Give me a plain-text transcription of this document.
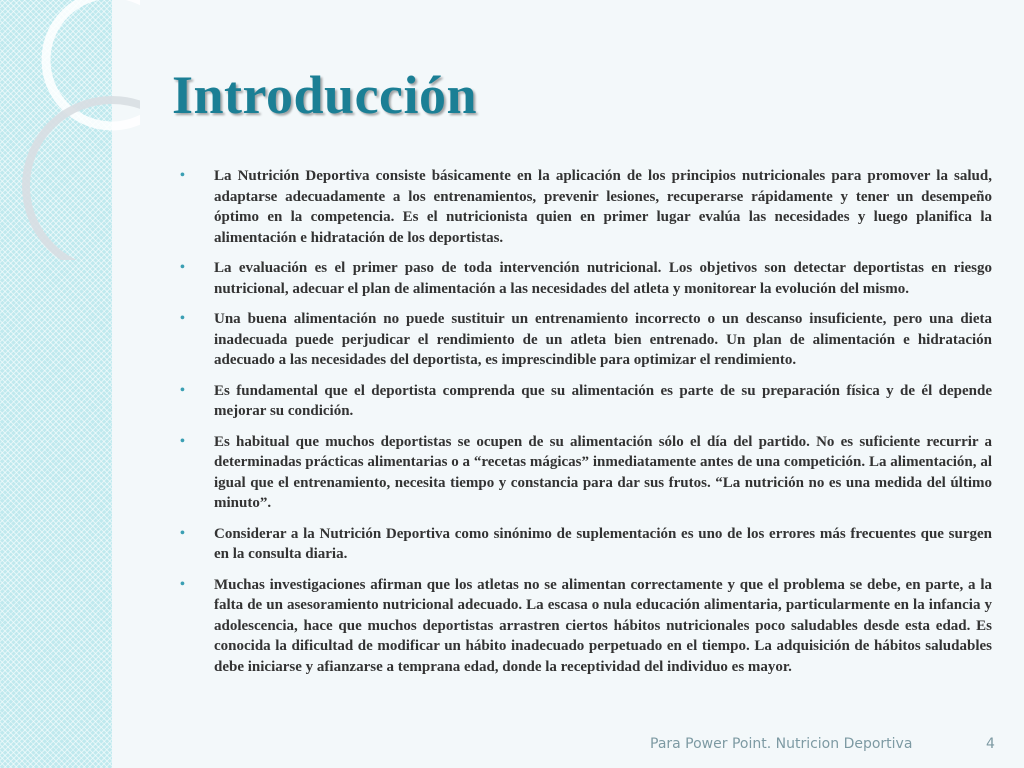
Introducción
• La Nutrición Deportiva consiste básicamente en la aplicación de los principios nutricionales para promover la salud, adaptarse adecuadamente a los entrenamientos, prevenir lesiones, recuperarse rápidamente y tener un desempeño óptimo en la competencia. Es el nutricionista quien en primer lugar evalúa las necesidades y luego planifica la alimentación e hidratación de los deportistas.
• La evaluación es el primer paso de toda intervención nutricional. Los objetivos son detectar deportistas en riesgo nutricional, adecuar el plan de alimentación a las necesidades del atleta y monitorear la evolución del mismo.
• Una buena alimentación no puede sustituir un entrenamiento incorrecto o un descanso insuficiente, pero una dieta inadecuada puede perjudicar el rendimiento de un atleta bien entrenado. Un plan de alimentación e hidratación adecuado a las necesidades del deportista, es imprescindible para optimizar el rendimiento.
• Es fundamental que el deportista comprenda que su alimentación es parte de su preparación física y de él depende mejorar su condición.
• Es habitual que muchos deportistas se ocupen de su alimentación sólo el día del partido. No es suficiente recurrir a determinadas prácticas alimentarias o a “recetas mágicas” inmediatamente antes de una competición. La alimentación, al igual que el entrenamiento, necesita tiempo y constancia para dar sus frutos. “La nutrición no es una medida del último minuto”.
• Considerar a la Nutrición Deportiva como sinónimo de suplementación es uno de los errores más frecuentes que surgen en la consulta diaria.
• Muchas investigaciones afirman que los atletas no se alimentan correctamente y que el problema se debe, en parte, a la falta de un asesoramiento nutricional adecuado. La escasa o nula educación alimentaria, particularmente en la infancia y adolescencia, hace que muchos deportistas arrastren ciertos hábitos nutricionales poco saludables desde esta edad. Es conocida la dificultad de modificar un hábito inadecuado perpetuado en el tiempo. La adquisición de hábitos saludables debe iniciarse y afianzarse a temprana edad, donde la receptividad del individuo es mayor.
Para Power Point. Nutricion Deportiva	4
